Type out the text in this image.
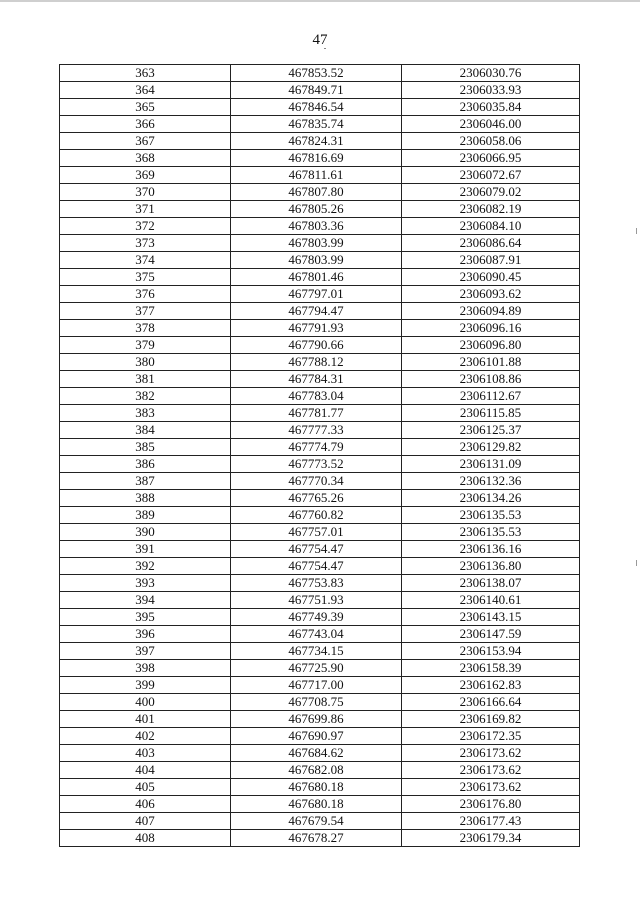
47
363	467853.52	2306030.76
364	467849.71	2306033.93
365	467846.54	2306035.84
366	467835.74	2306046.00
367	467824.31	2306058.06
368	467816.69	2306066.95
369	467811.61	2306072.67
370	467807.80	2306079.02
371	467805.26	2306082.19
372	467803.36	2306084.10
373	467803.99	2306086.64
374	467803.99	2306087.91
375	467801.46	2306090.45
376	467797.01	2306093.62
377	467794.47	2306094.89
378	467791.93	2306096.16
379	467790.66	2306096.80
380	467788.12	2306101.88
381	467784.31	2306108.86
382	467783.04	2306112.67
383	467781.77	2306115.85
384	467777.33	2306125.37
385	467774.79	2306129.82
386	467773.52	2306131.09
387	467770.34	2306132.36
388	467765.26	2306134.26
389	467760.82	2306135.53
390	467757.01	2306135.53
391	467754.47	2306136.16
392	467754.47	2306136.80
393	467753.83	2306138.07
394	467751.93	2306140.61
395	467749.39	2306143.15
396	467743.04	2306147.59
397	467734.15	2306153.94
398	467725.90	2306158.39
399	467717.00	2306162.83
400	467708.75	2306166.64
401	467699.86	2306169.82
402	467690.97	2306172.35
403	467684.62	2306173.62
404	467682.08	2306173.62
405	467680.18	2306173.62
406	467680.18	2306176.80
407	467679.54	2306177.43
408	467678.27	2306179.34
